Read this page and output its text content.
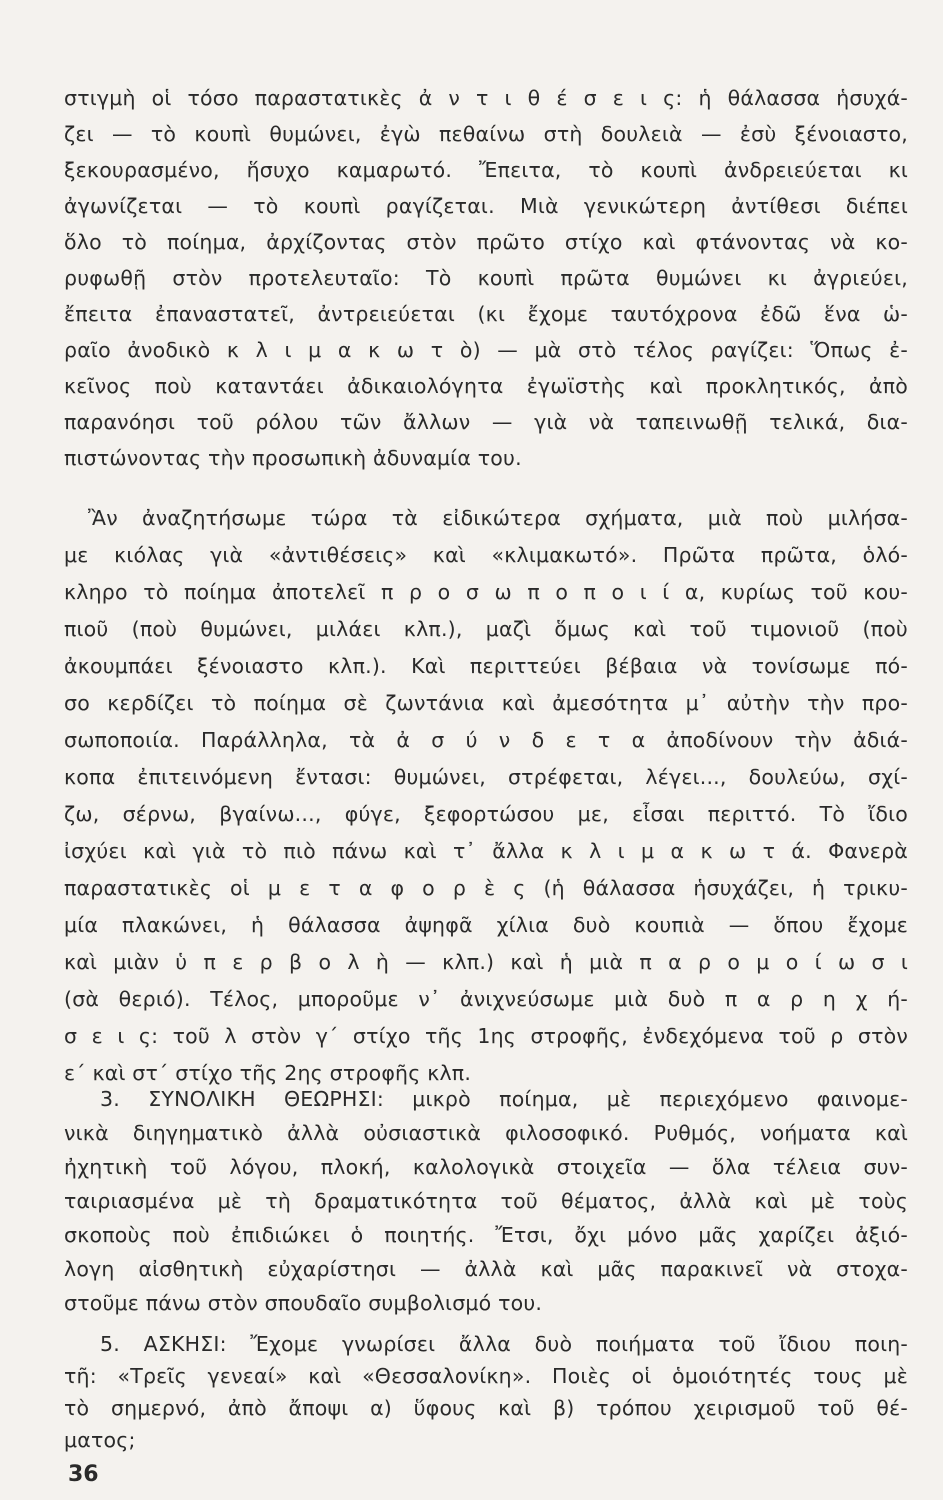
στιγμὴ οἱ τόσο παραστατικὲς ἀ ν τ ι θ έ σ ε ι ς: ἡ θάλασσα ἡσυχά-
ζει — τὸ κουπὶ θυμώνει, ἐγὼ πεθαίνω στὴ δουλειὰ — ἐσὺ ξένοιαστο,
ξεκουρασμένο, ἥσυχο καμαρωτό. Ἔπειτα, τὸ κουπὶ ἀνδρειεύεται κι
ἀγωνίζεται — τὸ κουπὶ ραγίζεται. Μιὰ γενικώτερη ἀντίθεσι διέπει
ὅλο τὸ ποίημα, ἀρχίζοντας στὸν πρῶτο στίχο καὶ φτάνοντας νὰ κο-
ρυφωθῇ στὸν προτελευταῖο: Τὸ κουπὶ πρῶτα θυμώνει κι ἀγριεύει,
ἔπειτα ἐπαναστατεῖ, ἀντρειεύεται (κι ἔχομε ταυτόχρονα ἐδῶ ἕνα ὡ-
ραῖο ἀνοδικὸ κ λ ι μ α κ ω τ ὸ) — μὰ στὸ τέλος ραγίζει: Ὅπως ἐ-
κεῖνος ποὺ καταντάει ἀδικαιολόγητα ἐγωϊστὴς καὶ προκλητικός, ἀπὸ
παρανόησι τοῦ ρόλου τῶν ἄλλων — γιὰ νὰ ταπεινωθῇ τελικά, δια-
πιστώνοντας τὴν προσωπικὴ ἀδυναμία του.
Ἂν ἀναζητήσωμε τώρα τὰ εἰδικώτερα σχήματα, μιὰ ποὺ μιλήσα-
με κιόλας γιὰ «ἀντιθέσεις» καὶ «κλιμακωτό». Πρῶτα πρῶτα, ὁλό-
κληρο τὸ ποίημα ἀποτελεῖ π ρ ο σ ω π ο π ο ι ί α, κυρίως τοῦ κου-
πιοῦ (ποὺ θυμώνει, μιλάει κλπ.), μαζὶ ὅμως καὶ τοῦ τιμονιοῦ (ποὺ
ἀκουμπάει ξένοιαστο κλπ.). Καὶ περιττεύει βέβαια νὰ τονίσωμε πό-
σο κερδίζει τὸ ποίημα σὲ ζωντάνια καὶ ἀμεσότητα μ᾽ αὐτὴν τὴν προ-
σωποποιία. Παράλληλα, τὰ ἀ σ ύ ν δ ε τ α ἀποδίνουν τὴν ἀδιά-
κοπα ἐπιτεινόμενη ἔντασι: θυμώνει, στρέφεται, λέγει..., δουλεύω, σχί-
ζω, σέρνω, βγαίνω..., φύγε, ξεφορτώσου με, εἶσαι περιττό. Τὸ ἴδιο
ἰσχύει καὶ γιὰ τὸ πιὸ πάνω καὶ τ᾽ ἄλλα κ λ ι μ α κ ω τ ά. Φανερὰ
παραστατικὲς οἱ μ ε τ α φ ο ρ ὲ ς (ἡ θάλασσα ἡσυχάζει, ἡ τρικυ-
μία πλακώνει, ἡ θάλασσα ἀψηφᾶ χίλια δυὸ κουπιὰ — ὅπου ἔχομε
καὶ μιὰν ὑ π ε ρ β ο λ ὴ — κλπ.) καὶ ἡ μιὰ π α ρ ο μ ο ί ω σ ι
(σὰ θεριό). Τέλος, μποροῦμε ν᾽ ἀνιχνεύσωμε μιὰ δυὸ π α ρ η χ ή-
σ ε ι ς: τοῦ λ στὸν γ΄ στίχο τῆς 1ης στροφῆς, ἐνδεχόμενα τοῦ ρ στὸν
ε΄ καὶ στ΄ στίχο τῆς 2ης στροφῆς κλπ.
3. ΣΥΝΟΛΙΚΗ ΘΕΩΡΗΣΙ: μικρὸ ποίημα, μὲ περιεχόμενο φαινομε-
νικὰ διηγηματικὸ ἀλλὰ οὐσιαστικὰ φιλοσοφικό. Ρυθμός, νοήματα καὶ
ἠχητικὴ τοῦ λόγου, πλοκή, καλολογικὰ στοιχεῖα — ὅλα τέλεια συν-
ταιριασμένα μὲ τὴ δραματικότητα τοῦ θέματος, ἀλλὰ καὶ μὲ τοὺς
σκοποὺς ποὺ ἐπιδιώκει ὁ ποιητής. Ἔτσι, ὄχι μόνο μᾶς χαρίζει ἀξιό-
λογη αἰσθητικὴ εὐχαρίστησι — ἀλλὰ καὶ μᾶς παρακινεῖ νὰ στοχα-
στοῦμε πάνω στὸν σπουδαῖο συμβολισμό του.
5. ΑΣΚΗΣΙ: Ἔχομε γνωρίσει ἄλλα δυὸ ποιήματα τοῦ ἴδιου ποιη-
36
τῆ: «Τρεῖς γενεαί» καὶ «Θεσσαλονίκη». Ποιὲς οἱ ὁμοιότητές τους μὲ
τὸ σημερνό, ἀπὸ ἄποψι α) ὕφους καὶ β) τρόπου χειρισμοῦ τοῦ θέ-
ματος;
